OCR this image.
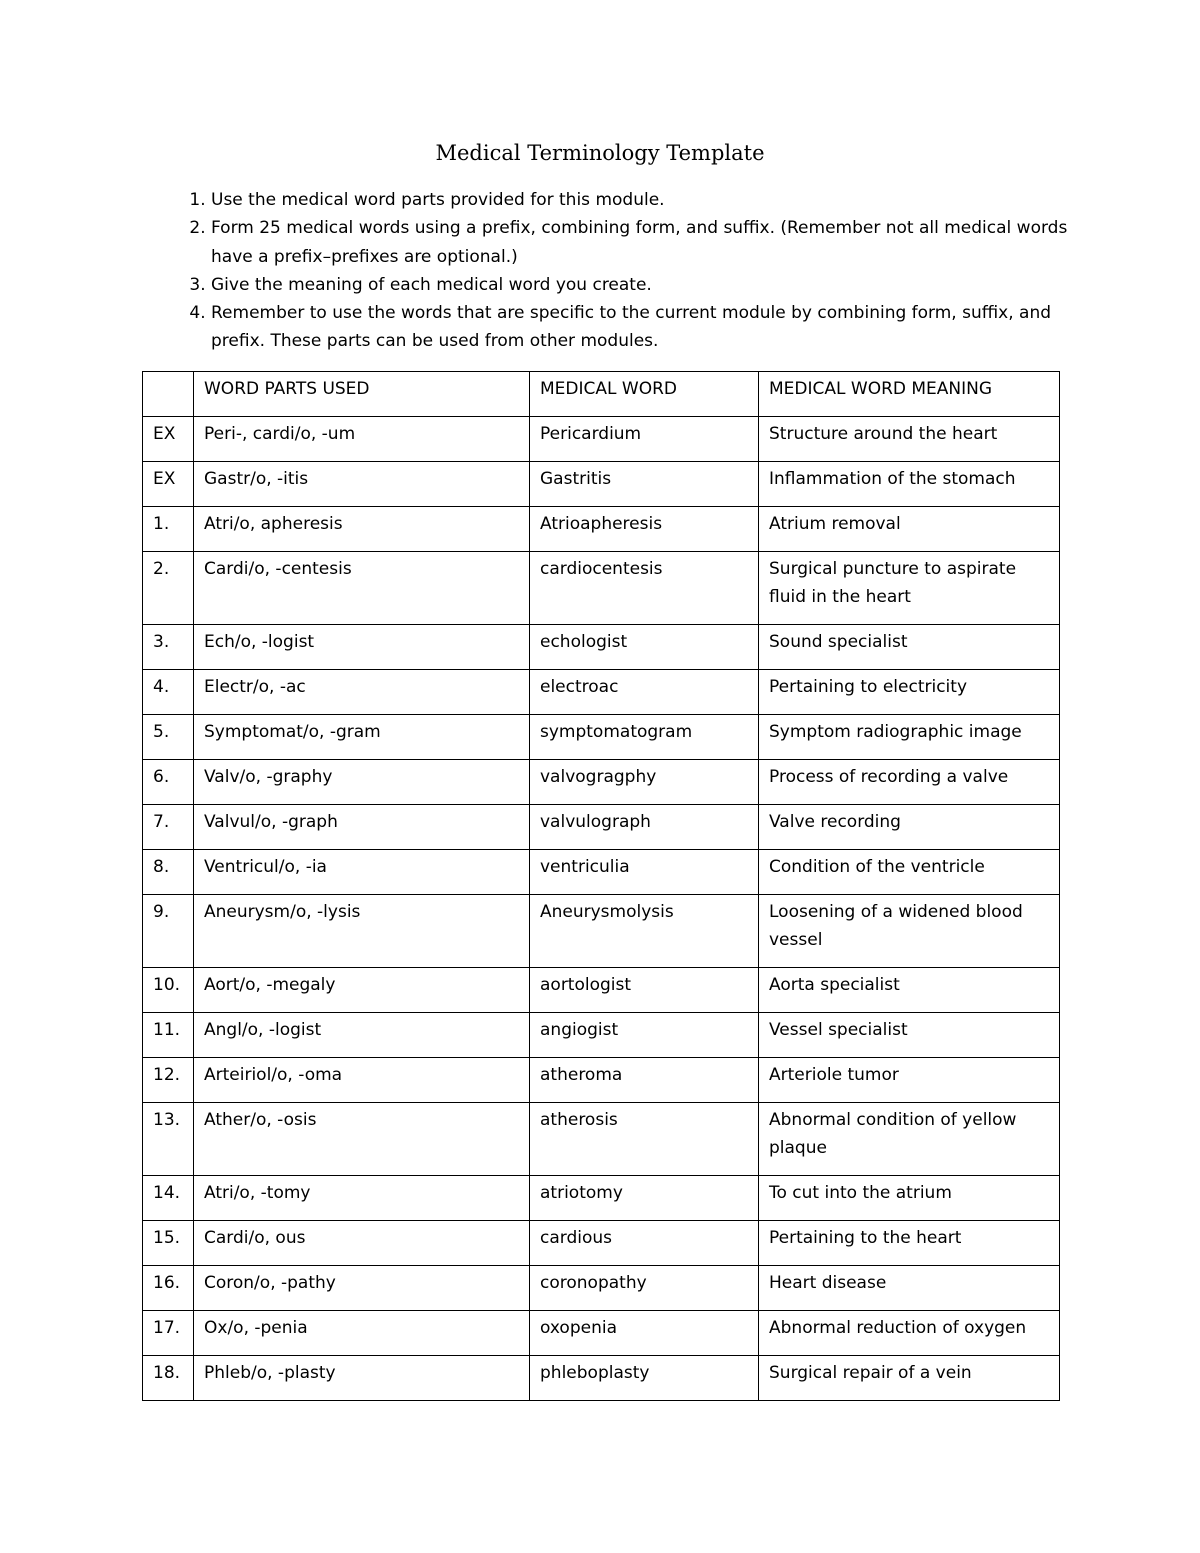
Medical Terminology Template
1. Use the medical word parts provided for this module.
2. Form 25 medical words using a prefix, combining form, and suffix. (Remember not all medical words have a prefix–prefixes are optional.)
3. Give the meaning of each medical word you create.
4. Remember to use the words that are specific to the current module by combining form, suffix, and prefix. These parts can be used from other modules.
	WORD PARTS USED	MEDICAL WORD	MEDICAL WORD MEANING
EX	Peri-, cardi/o, -um	Pericardium	Structure around the heart
EX	Gastr/o, -itis	Gastritis	Inflammation of the stomach
1.	Atri/o, apheresis	Atrioapheresis	Atrium removal
2.	Cardi/o, -centesis	cardiocentesis	Surgical puncture to aspirate fluid in the heart
3.	Ech/o, -logist	echologist	Sound specialist
4.	Electr/o, -ac	electroac	Pertaining to electricity
5.	Symptomat/o, -gram	symptomatogram	Symptom radiographic image
6.	Valv/o, -graphy	valvogragphy	Process of recording a valve
7.	Valvul/o, -graph	valvulograph	Valve recording
8.	Ventricul/o, -ia	ventriculia	Condition of the ventricle
9.	Aneurysm/o, -lysis	Aneurysmolysis	Loosening of a widened blood vessel
10.	Aort/o, -megaly	aortologist	Aorta specialist
11.	Angl/o, -logist	angiogist	Vessel specialist
12.	Arteiriol/o, -oma	atheroma	Arteriole tumor
13.	Ather/o, -osis	atherosis	Abnormal condition of yellow plaque
14.	Atri/o, -tomy	atriotomy	To cut into the atrium
15.	Cardi/o, ous	cardious	Pertaining to the heart
16.	Coron/o, -pathy	coronopathy	Heart disease
17.	Ox/o, -penia	oxopenia	Abnormal reduction of oxygen
18.	Phleb/o, -plasty	phleboplasty	Surgical repair of a vein
